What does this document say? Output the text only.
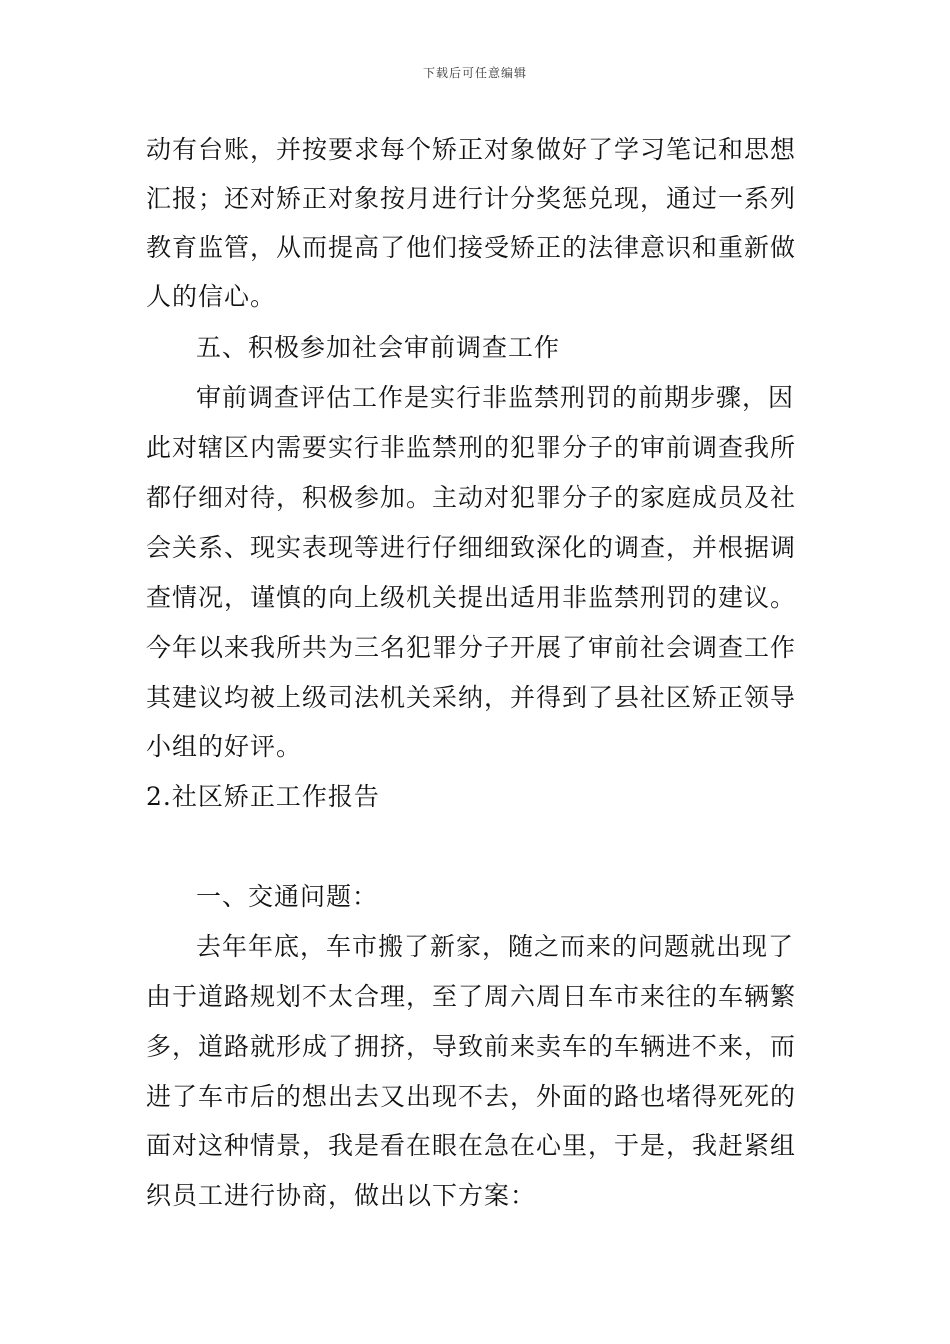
下载后可任意编辑
动有台账，并按要求每个矫正对象做好了学习笔记和思想
汇报；还对矫正对象按月进行计分奖惩兑现，通过一系列
教育监管，从而提高了他们接受矫正的法律意识和重新做
人的信心。
五、积极参加社会审前调查工作
审前调查评估工作是实行非监禁刑罚的前期步骤，因
此对辖区内需要实行非监禁刑的犯罪分子的审前调查我所
都仔细对待，积极参加。主动对犯罪分子的家庭成员及社
会关系、现实表现等进行仔细细致深化的调查，并根据调
查情况，谨慎的向上级机关提出适用非监禁刑罚的建议。
今年以来我所共为三名犯罪分子开展了审前社会调查工作
其建议均被上级司法机关采纳，并得到了县社区矫正领导
小组的好评。
2.社区矫正工作报告
一、交通问题：
去年年底，车市搬了新家，随之而来的问题就出现了
由于道路规划不太合理，至了周六周日车市来往的车辆繁
多，道路就形成了拥挤，导致前来卖车的车辆进不来，而
进了车市后的想出去又出现不去，外面的路也堵得死死的
面对这种情景，我是看在眼在急在心里，于是，我赶紧组
织员工进行协商，做出以下方案：
